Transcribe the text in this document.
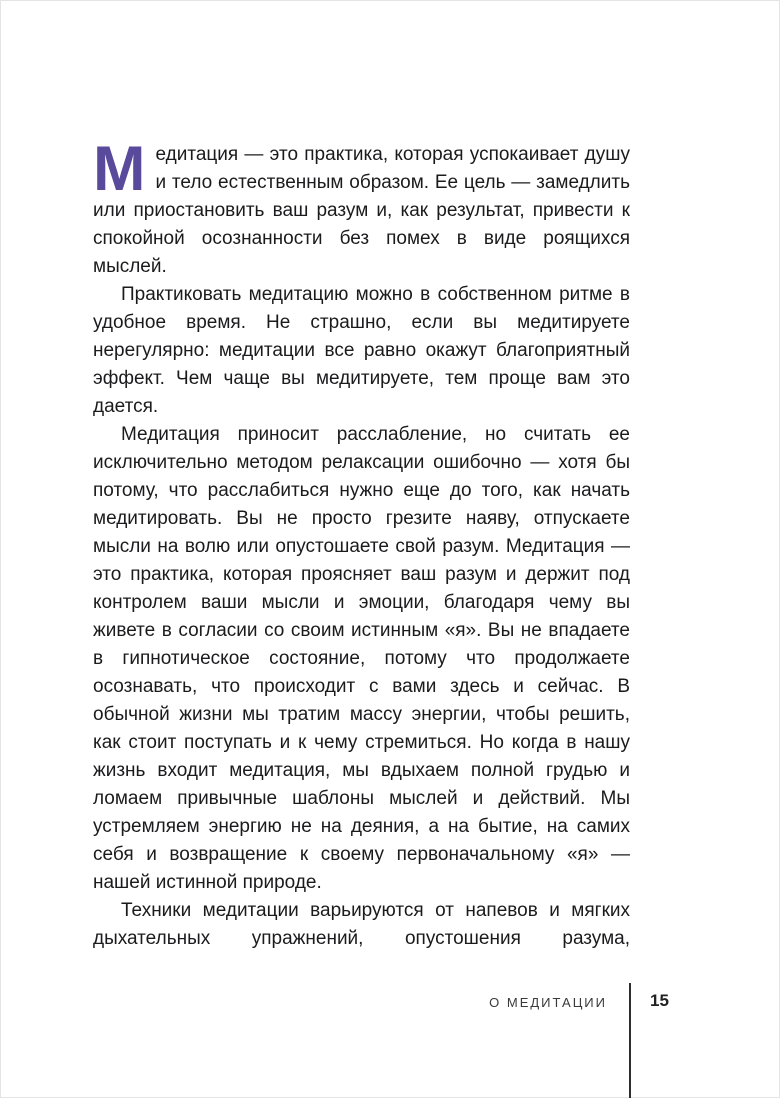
Медитация — это практика, которая успокаивает душу и тело естественным образом. Ее цель — замедлить или приостановить ваш разум и, как результат, привести к спокойной осознанности без помех в виде роящихся мыслей.

Практиковать медитацию можно в собственном ритме в удобное время. Не страшно, если вы медитируете нерегулярно: медитации все равно окажут благоприятный эффект. Чем чаще вы медитируете, тем проще вам это дается.

Медитация приносит расслабление, но считать ее исключительно методом релаксации ошибочно — хотя бы потому, что расслабиться нужно еще до того, как начать медитировать. Вы не просто грезите наяву, отпускаете мысли на волю или опустошаете свой разум. Медитация — это практика, которая проясняет ваш разум и держит под контролем ваши мысли и эмоции, благодаря чему вы живете в согласии со своим истинным «я». Вы не впадаете в гипнотическое состояние, потому что продолжаете осознавать, что происходит с вами здесь и сейчас. В обычной жизни мы тратим массу энергии, чтобы решить, как стоит поступать и к чему стремиться. Но когда в нашу жизнь входит медитация, мы вдыхаем полной грудью и ломаем привычные шаблоны мыслей и действий. Мы устремляем энергию не на деяния, а на бытие, на самих себя и возвращение к своему первоначальному «я» — нашей истинной природе.

Техники медитации варьируются от напевов и мягких дыхательных упражнений, опустошения разума,

О МЕДИТАЦИИ	15
